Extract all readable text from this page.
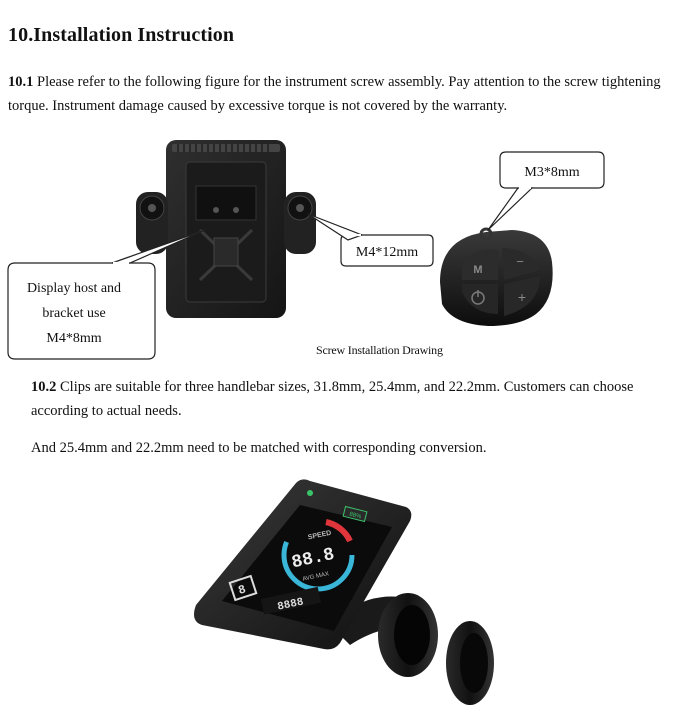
10.Installation Instruction
10.1 Please refer to the following figure for the instrument screw assembly. Pay attention to the screw tightening torque. Instrument damage caused by excessive torque is not covered by the warranty.
M
−
+
Display host and
bracket use
M4*8mm
M4*12mm
M3*8mm
Screw Installation Drawing
10.2 Clips are suitable for three handlebar sizes, 31.8mm, 25.4mm, and 22.2mm. Customers can choose according to actual needs.
And 25.4mm and 22.2mm need to be matched with corresponding conversion.
SPEED
88.8
AVG MAX
8888
8
88%
